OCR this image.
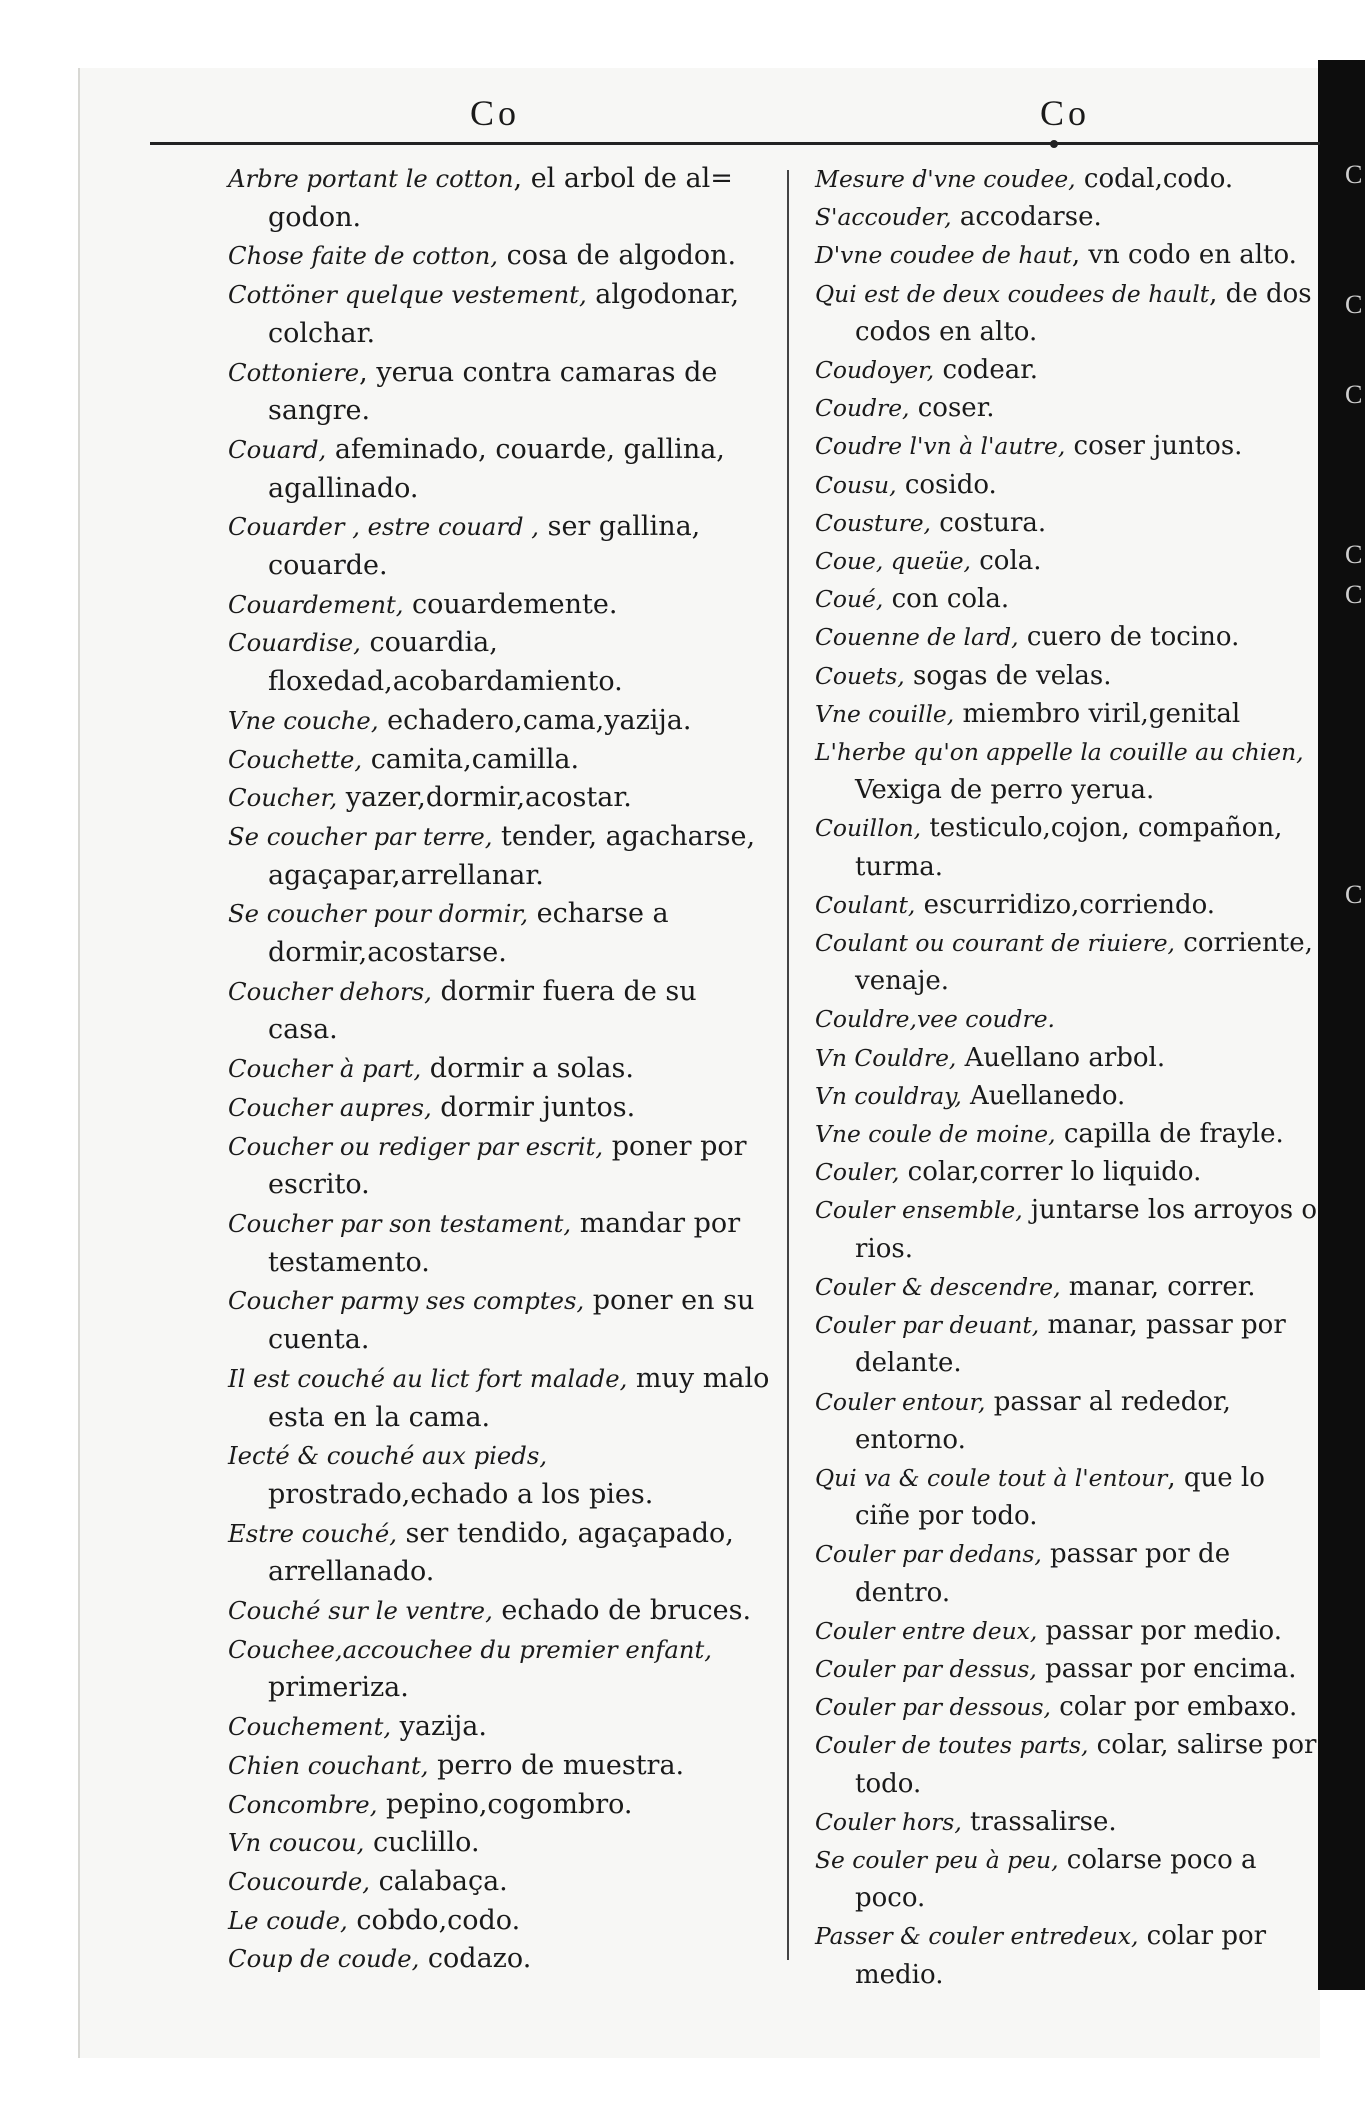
C
C
C
C
C
C
Co	Co
Arbre portant le cotton, el arbol de al= godon.
Chose faite de cotton, cosa de algodon.
Cottöner quelque vestement, algodonar, colchar.
Cottoniere, yerua contra camaras de sangre.
Couard, afeminado, couarde, gallina, agallinado.
Couarder , estre couard , ser gallina, couarde.
Couardement, couardemente.
Couardise, couardia, floxedad,acobardamiento.
Vne couche, echadero,cama,yazija.
Couchette, camita,camilla.
Coucher, yazer,dormir,acostar.
Se coucher par terre, tender, agacharse, agaçapar,arrellanar.
Se coucher pour dormir, echarse a dormir,acostarse.
Coucher dehors, dormir fuera de su casa.
Coucher à part, dormir a solas.
Coucher aupres, dormir juntos.
Coucher ou rediger par escrit, poner por escrito.
Coucher par son testament, mandar por testamento.
Coucher parmy ses comptes, poner en su cuenta.
Il est couché au lict fort malade, muy malo esta en la cama.
Iecté & couché aux pieds, prostrado,echado a los pies.
Estre couché, ser tendido, agaçapado, arrellanado.
Couché sur le ventre, echado de bruces.
Couchee,accouchee du premier enfant, primeriza.
Couchement, yazija.
Chien couchant, perro de muestra.
Concombre, pepino,cogombro.
Vn coucou, cuclillo.
Coucourde, calabaça.
Le coude, cobdo,codo.
Coup de coude, codazo.
Mesure d'vne coudee, codal,codo.
S'accouder, accodarse.
D'vne coudee de haut, vn codo en alto.
Qui est de deux coudees de hault, de dos codos en alto.
Coudoyer, codear.
Coudre, coser.
Coudre l'vn à l'autre, coser juntos.
Cousu, cosido.
Cousture, costura.
Coue, queüe, cola.
Coué, con cola.
Couenne de lard, cuero de tocino.
Couets, sogas de velas.
Vne couille, miembro viril,genital
L'herbe qu'on appelle la couille au chien, Vexiga de perro yerua.
Couillon, testiculo,cojon, compañon, turma.
Coulant, escurridizo,corriendo.
Coulant ou courant de riuiere, corriente, venaje.
Couldre,vee coudre.
Vn Couldre, Auellano arbol.
Vn couldray, Auellanedo.
Vne coule de moine, capilla de frayle.
Couler, colar,correr lo liquido.
Couler ensemble, juntarse los arroyos o rios.
Couler & descendre, manar, correr.
Couler par deuant, manar, passar por delante.
Couler entour, passar al rededor, entorno.
Qui va & coule tout à l'entour, que lo ciñe por todo.
Couler par dedans, passar por de dentro.
Couler entre deux, passar por medio.
Couler par dessus, passar por encima.
Couler par dessous, colar por embaxo.
Couler de toutes parts, colar, salirse por todo.
Couler hors, trassalirse.
Se couler peu à peu, colarse poco a poco.
Passer & couler entredeux, colar por medio.
